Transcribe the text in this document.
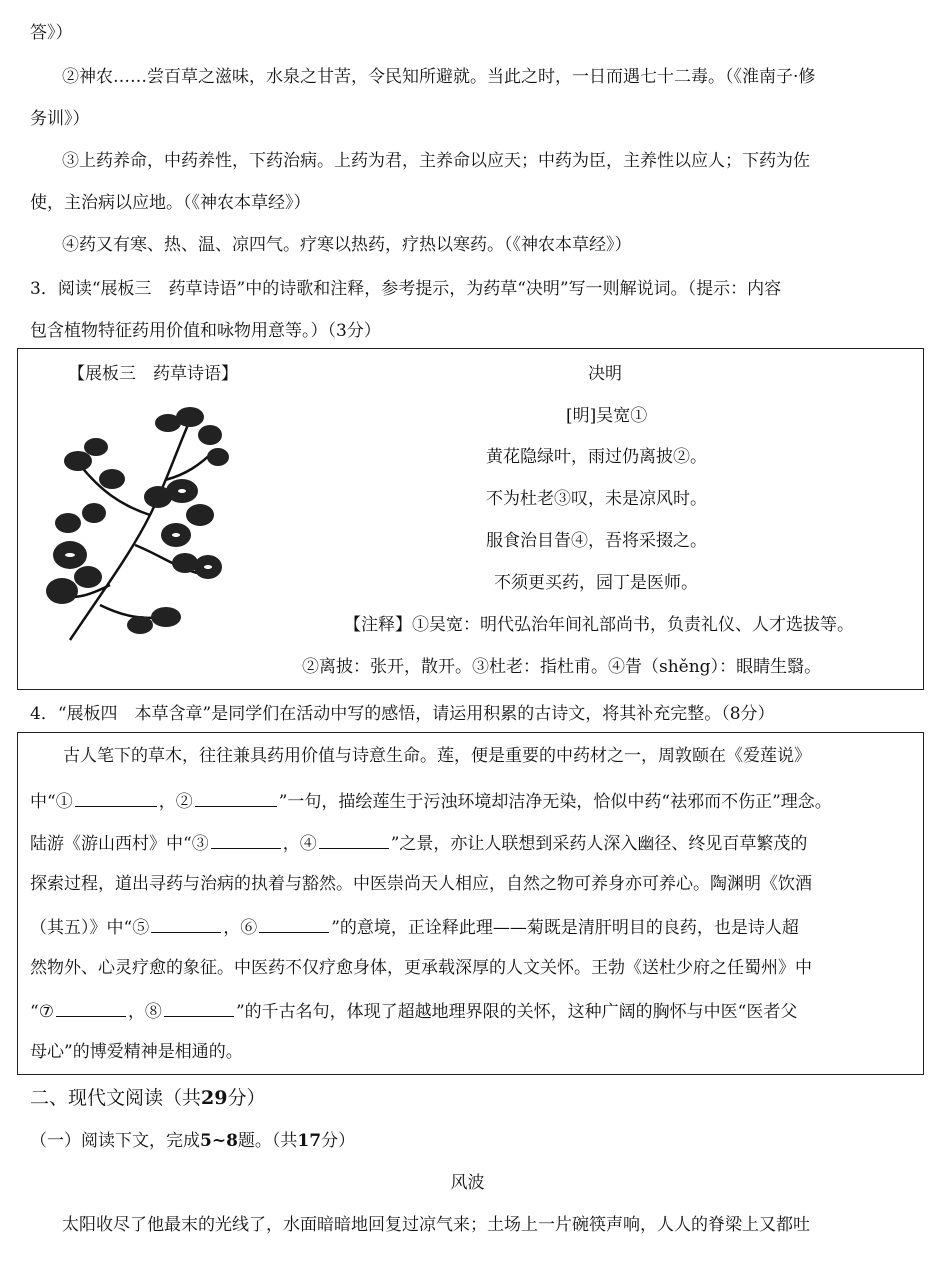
答》）
②神农……尝百草之滋味，水泉之甘苦，令民知所避就。当此之时，一日而遇七十二毒。（《淮南子·修
务训》）
③上药养命，中药养性，下药治病。上药为君，主养命以应天；中药为臣，主养性以应人；下药为佐
使，主治病以应地。（《神农本草经》）
④药又有寒、热、温、凉四气。疗寒以热药，疗热以寒药。（《神农本草经》）
3．阅读“展板三　药草诗语”中的诗歌和注释，参考提示，为药草“决明”写一则解说词。（提示：内容
包含植物特征药用价值和咏物用意等。）（3分）
【展板三　药草诗语】	决明
[明]吴宽①
黄花隐绿叶，雨过仍离披②。
不为杜老③叹，未是凉风时。
服食治目眚④，吾将采掇之。
不须更买药，园丁是医师。
【注释】①吴宽：明代弘治年间礼部尚书，负责礼仪、人才选拔等。
②离披：张开，散开。③杜老：指杜甫。④眚（shěng）：眼睛生翳。
4．“展板四　本草含章”是同学们在活动中写的感悟，请运用积累的古诗文，将其补充完整。（8分）
古人笔下的草木，往往兼具药用价值与诗意生命。莲，便是重要的中药材之一，周敦颐在《爱莲说》
中“①	，②	”一句，描绘莲生于污浊环境却洁净无染，恰似中药“祛邪而不伤正”理念。
陆游《游山西村》中“③	，④	”之景，亦让人联想到采药人深入幽径、终见百草繁茂的
探索过程，道出寻药与治病的执着与豁然。中医崇尚天人相应，自然之物可养身亦可养心。陶渊明《饮酒
（其五）》中“⑤	，⑥	”的意境，正诠释此理——菊既是清肝明目的良药，也是诗人超
然物外、心灵疗愈的象征。中医药不仅疗愈身体，更承载深厚的人文关怀。王勃《送杜少府之任蜀州》中
“⑦	，⑧	”的千古名句，体现了超越地理界限的关怀，这种广阔的胸怀与中医“医者父
母心”的博爱精神是相通的。
二、现代文阅读（共29分）
（一）阅读下文，完成5~8题。（共17分）
风波
太阳收尽了他最末的光线了，水面暗暗地回复过凉气来；土场上一片碗筷声响，人人的脊梁上又都吐
